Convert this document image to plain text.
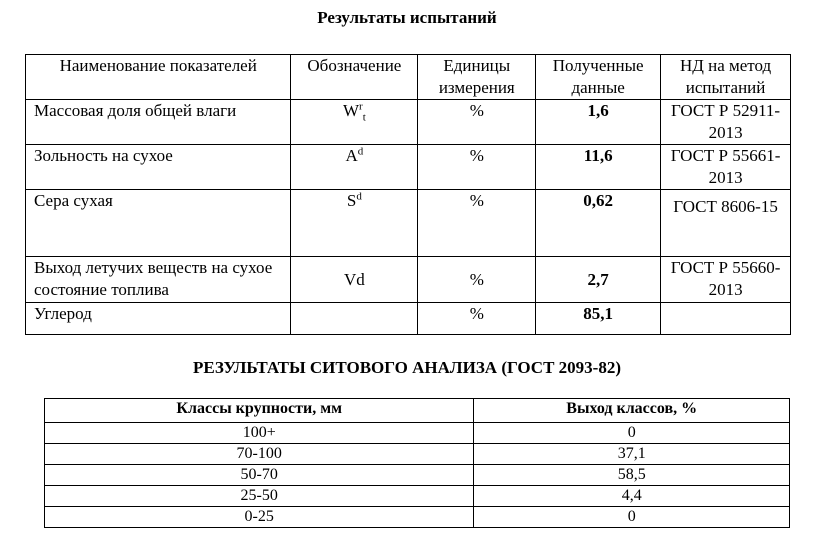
Результаты испытаний
Наименование показателей	Обозначение	Единицы измерения	Полученные данные	НД на метод испытаний
Массовая доля общей влаги	$W^r_t$	%	1,6	ГОСТ Р 52911-2013
Зольность на сухое	$A^d$	%	11,6	ГОСТ Р 55661-2013
Сера сухая	$S^d$	%	0,62	ГОСТ 8606-15
Выход летучих веществ на сухое состояние топлива	Vd	%	2,7	ГОСТ Р 55660-2013
Углерод		%	85,1	
РЕЗУЛЬТАТЫ СИТОВОГО АНАЛИЗА (ГОСТ 2093-82)
Классы крупности, мм	Выход классов, %
100+	0
70-100	37,1
50-70	58,5
25-50	4,4
0-25	0
